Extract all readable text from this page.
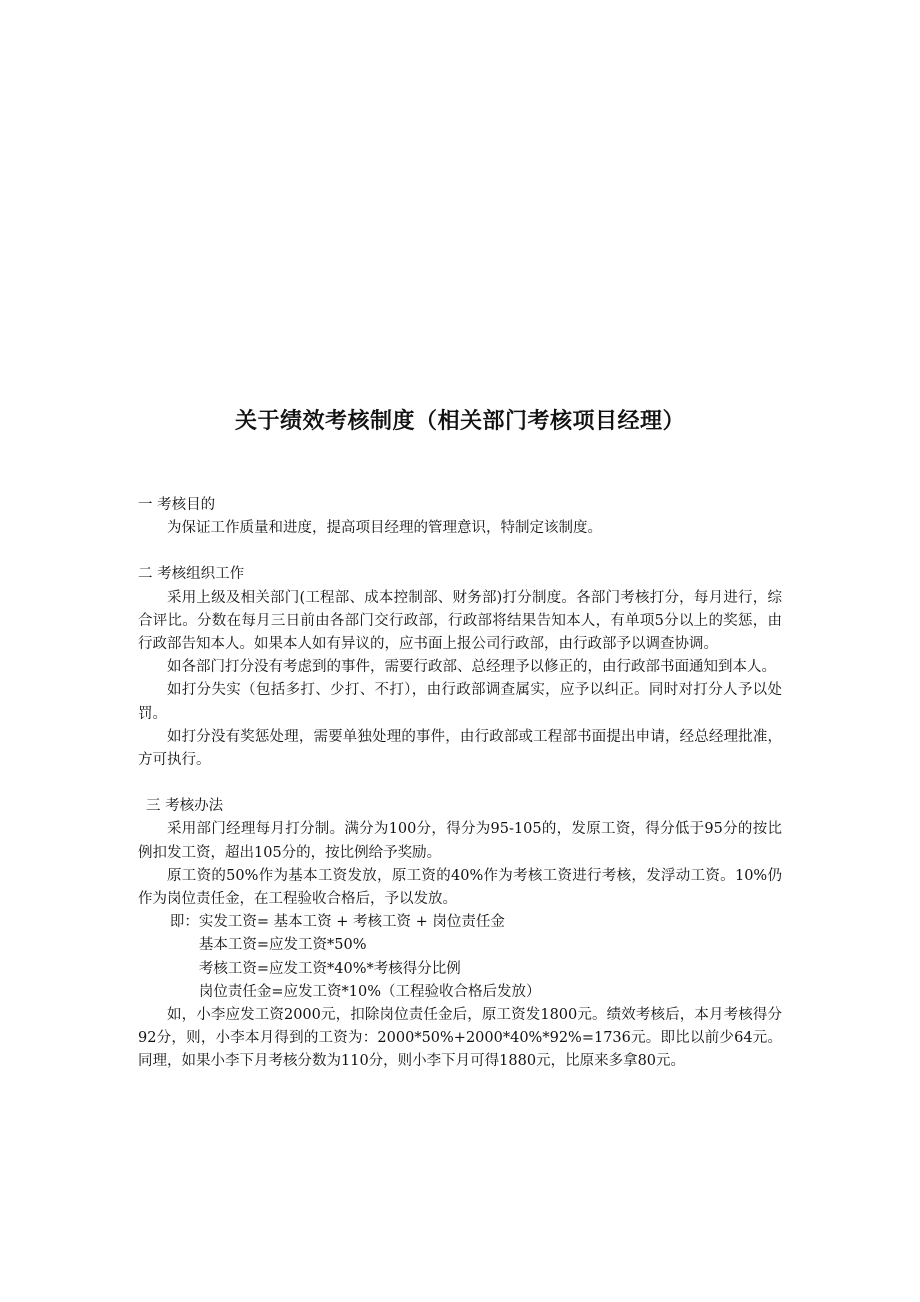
关于绩效考核制度（相关部门考核项目经理）

一 考核目的

为保证工作质量和进度，提高项目经理的管理意识，特制定该制度。

二 考核组织工作

采用上级及相关部门(工程部、成本控制部、财务部)打分制度。各部门考核打分，每月进行，综合评比。分数在每月三日前由各部门交行政部，行政部将结果告知本人，有单项5分以上的奖惩，由行政部告知本人。如果本人如有异议的，应书面上报公司行政部，由行政部予以调查协调。

如各部门打分没有考虑到的事件，需要行政部、总经理予以修正的，由行政部书面通知到本人。

如打分失实（包括多打、少打、不打），由行政部调查属实，应予以纠正。同时对打分人予以处罚。

如打分没有奖惩处理，需要单独处理的事件，由行政部或工程部书面提出申请，经总经理批准，方可执行。

三 考核办法

采用部门经理每月打分制。满分为100分，得分为95-105的，发原工资，得分低于95分的按比例扣发工资，超出105分的，按比例给予奖励。

原工资的50%作为基本工资发放，原工资的40%作为考核工资进行考核，发浮动工资。10%仍作为岗位责任金，在工程验收合格后，予以发放。

即：实发工资= 基本工资 + 考核工资 + 岗位责任金

基本工资=应发工资*50%

考核工资=应发工资*40%*考核得分比例

岗位责任金=应发工资*10%（工程验收合格后发放）

如，小李应发工资2000元，扣除岗位责任金后，原工资发1800元。绩效考核后，本月考核得分92分，则，小李本月得到的工资为：2000*50%+2000*40%*92%=1736元。即比以前少64元。同理，如果小李下月考核分数为110分，则小李下月可得1880元，比原来多拿80元。
